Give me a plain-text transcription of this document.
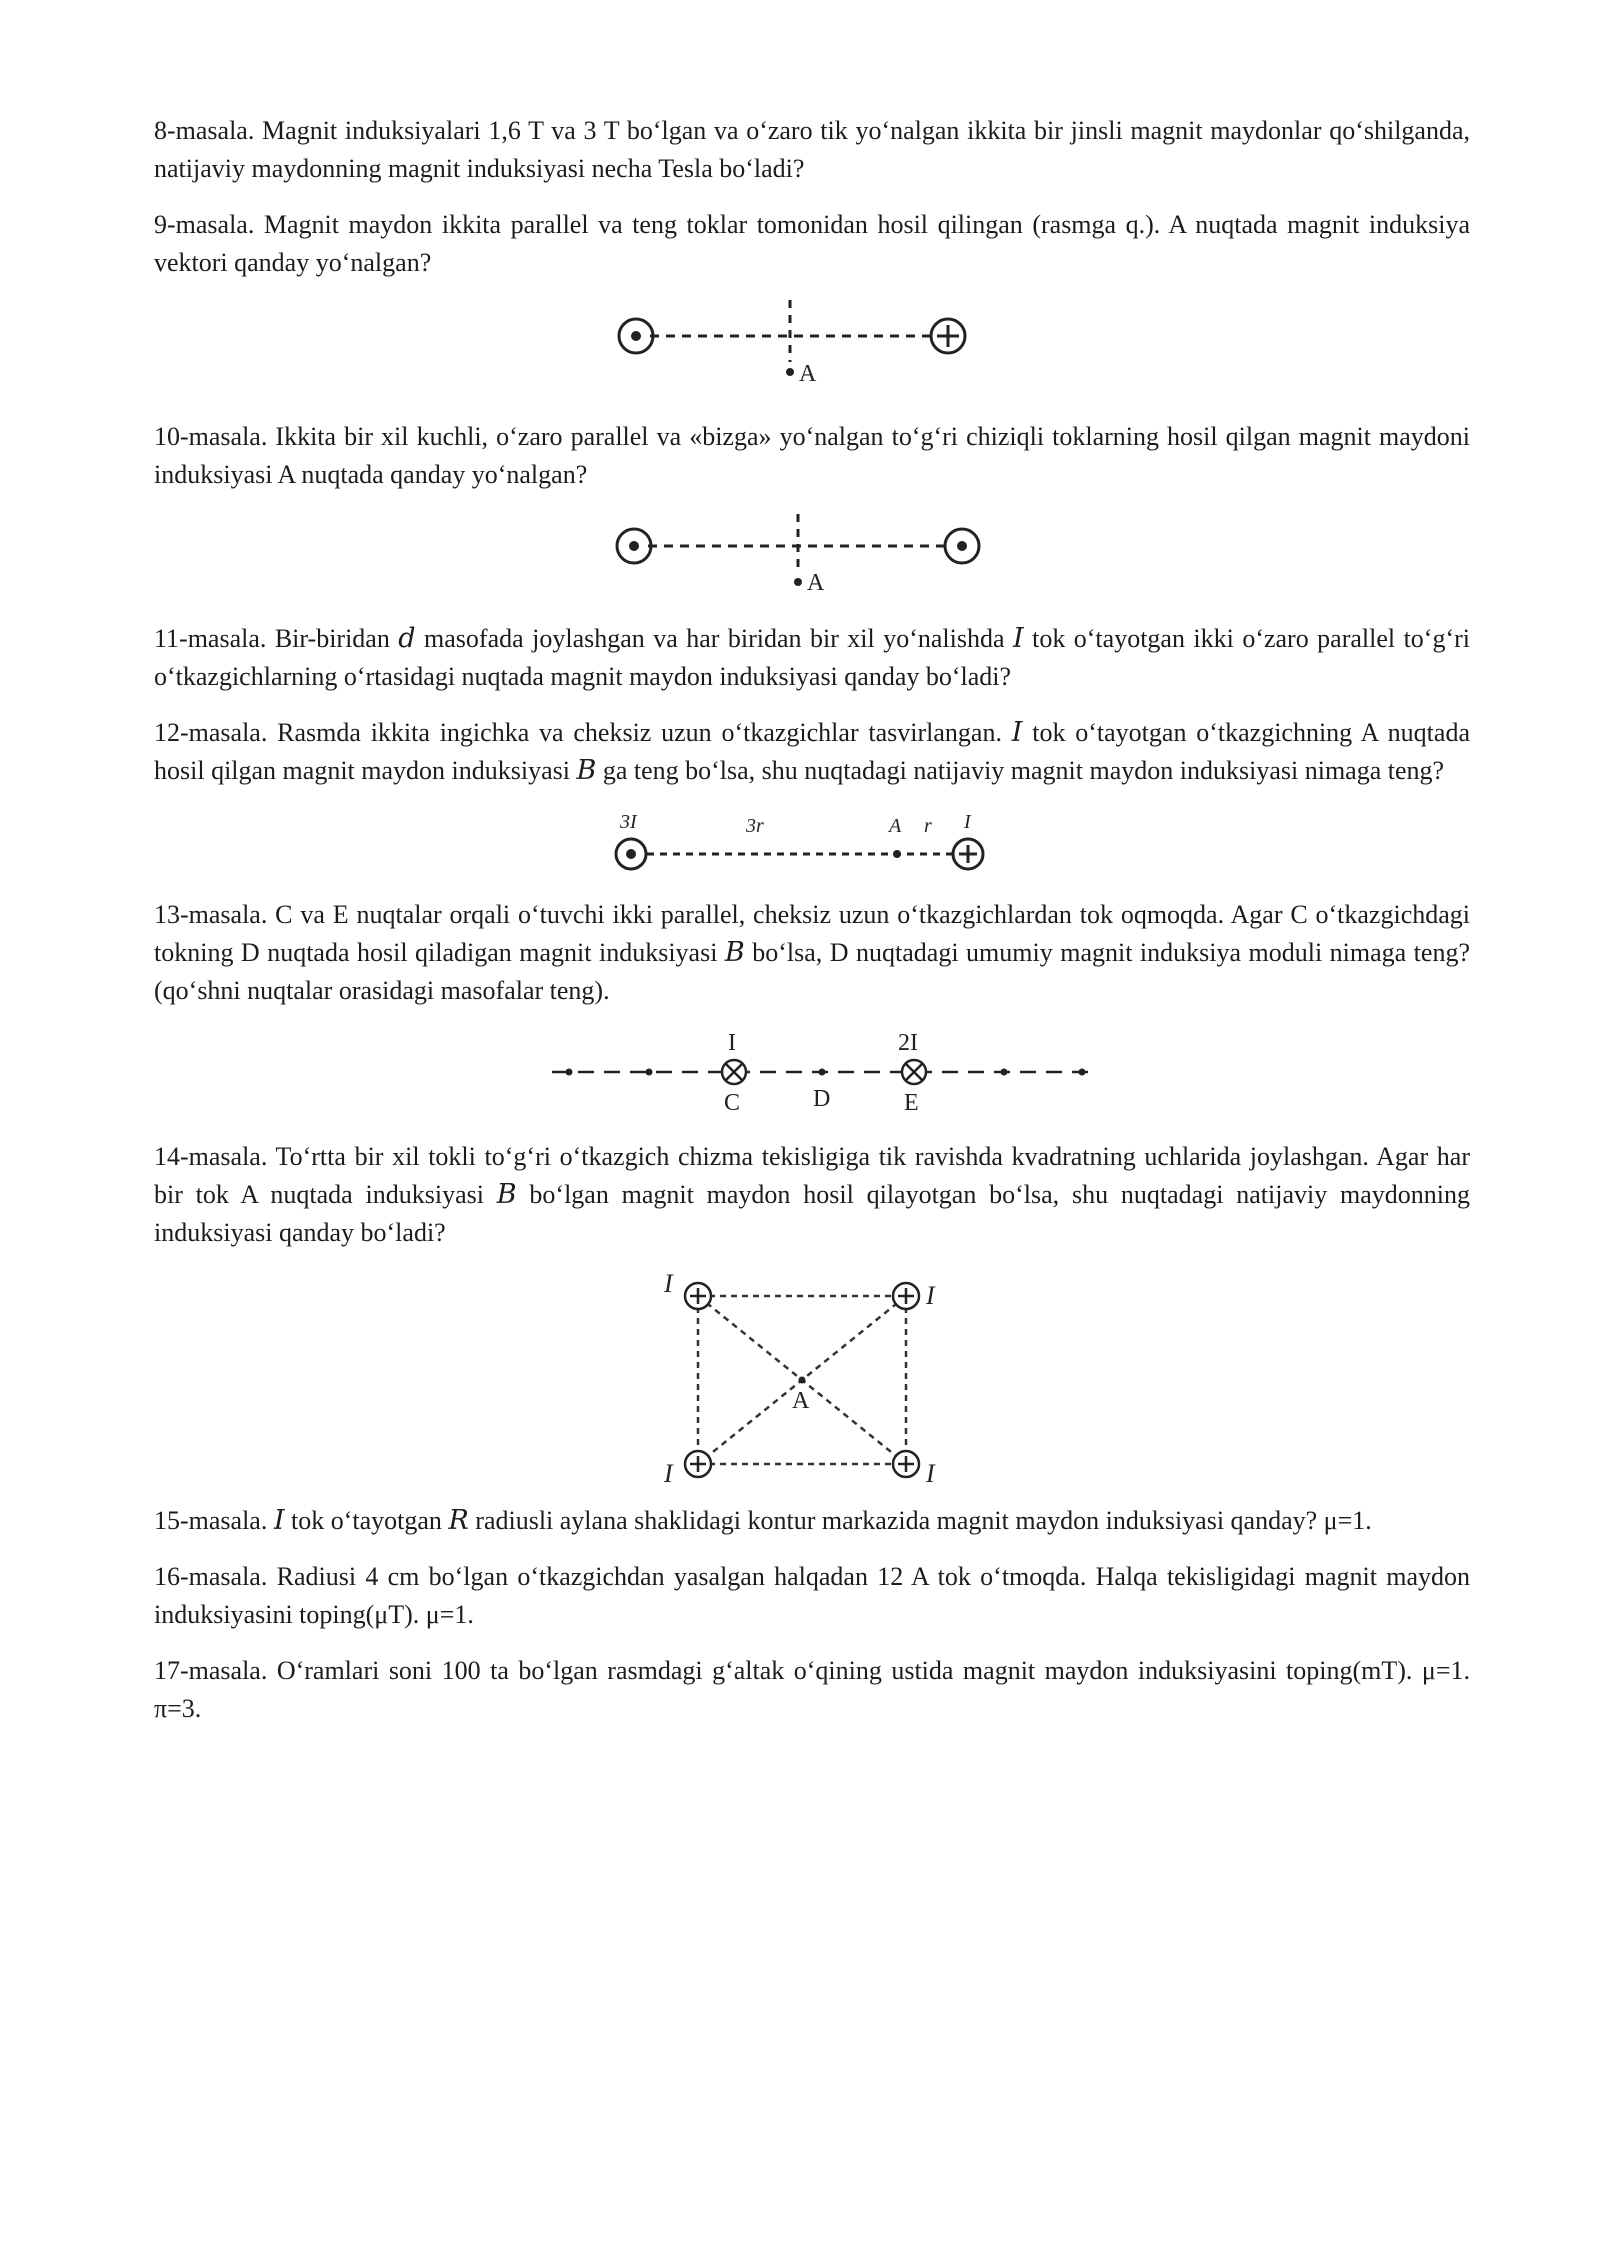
8-masala. Magnit induksiyalari 1,6 T va 3 T bo‘lgan va o‘zaro tik yo‘nalgan ikkita bir jinsli magnit maydonlar qo‘shilganda, natijaviy maydonning magnit induksiyasi necha Tesla bo‘ladi?

9-masala. Magnit maydon ikkita parallel va teng toklar tomonidan hosil qilingan (rasmga q.). A nuqtada magnit induksiya vektori qanday yo‘nalgan?

A

10-masala. Ikkita bir xil kuchli, o‘zaro parallel va «bizga» yo‘nalgan to‘g‘ri chiziqli toklarning hosil qilgan magnit maydoni induksiyasi A nuqtada qanday yo‘nalgan?

A

11-masala. Bir-biridan d masofada joylashgan va har biridan bir xil yo‘nalishda I tok o‘tayotgan ikki o‘zaro parallel to‘g‘ri o‘tkazgichlarning o‘rtasidagi nuqtada magnit maydon induksiyasi qanday bo‘ladi?

12-masala. Rasmda ikkita ingichka va cheksiz uzun o‘tkazgichlar tasvirlangan. I tok o‘tayotgan o‘tkazgichning A nuqtada hosil qilgan magnit maydon induksiyasi B ga teng bo‘lsa, shu nuqtadagi natijaviy magnit maydon induksiyasi nimaga teng?

3I	3r	A r I

13-masala. C va E nuqtalar orqali o‘tuvchi ikki parallel, cheksiz uzun o‘tkazgichlardan tok oqmoqda. Agar C o‘tkazgichdagi tokning D nuqtada hosil qiladigan magnit induksiyasi B bo‘lsa, D nuqtadagi umumiy magnit induksiya moduli nimaga teng? (qo‘shni nuqtalar orasidagi masofalar teng).

I	2I
C	D	E

14-masala. To‘rtta bir xil tokli to‘g‘ri o‘tkazgich chizma tekisligiga tik ravishda kvadratning uchlarida joylashgan. Agar har bir tok A nuqtada induksiyasi B bo‘lgan magnit maydon hosil qilayotgan bo‘lsa, shu nuqtadagi natijaviy maydonning induksiyasi qanday bo‘ladi?

A
I	I
I	I

15-masala. I tok o‘tayotgan R radiusli aylana shaklidagi kontur markazida magnit maydon induksiyasi qanday? μ=1.

16-masala. Radiusi 4 cm bo‘lgan o‘tkazgichdan yasalgan halqadan 12 A tok o‘tmoqda. Halqa tekisligidagi magnit maydon induksiyasini toping(μT). μ=1.

17-masala. O‘ramlari soni 100 ta bo‘lgan rasmdagi g‘altak o‘qining ustida magnit maydon induksiyasini toping(mT). μ=1. π=3.
